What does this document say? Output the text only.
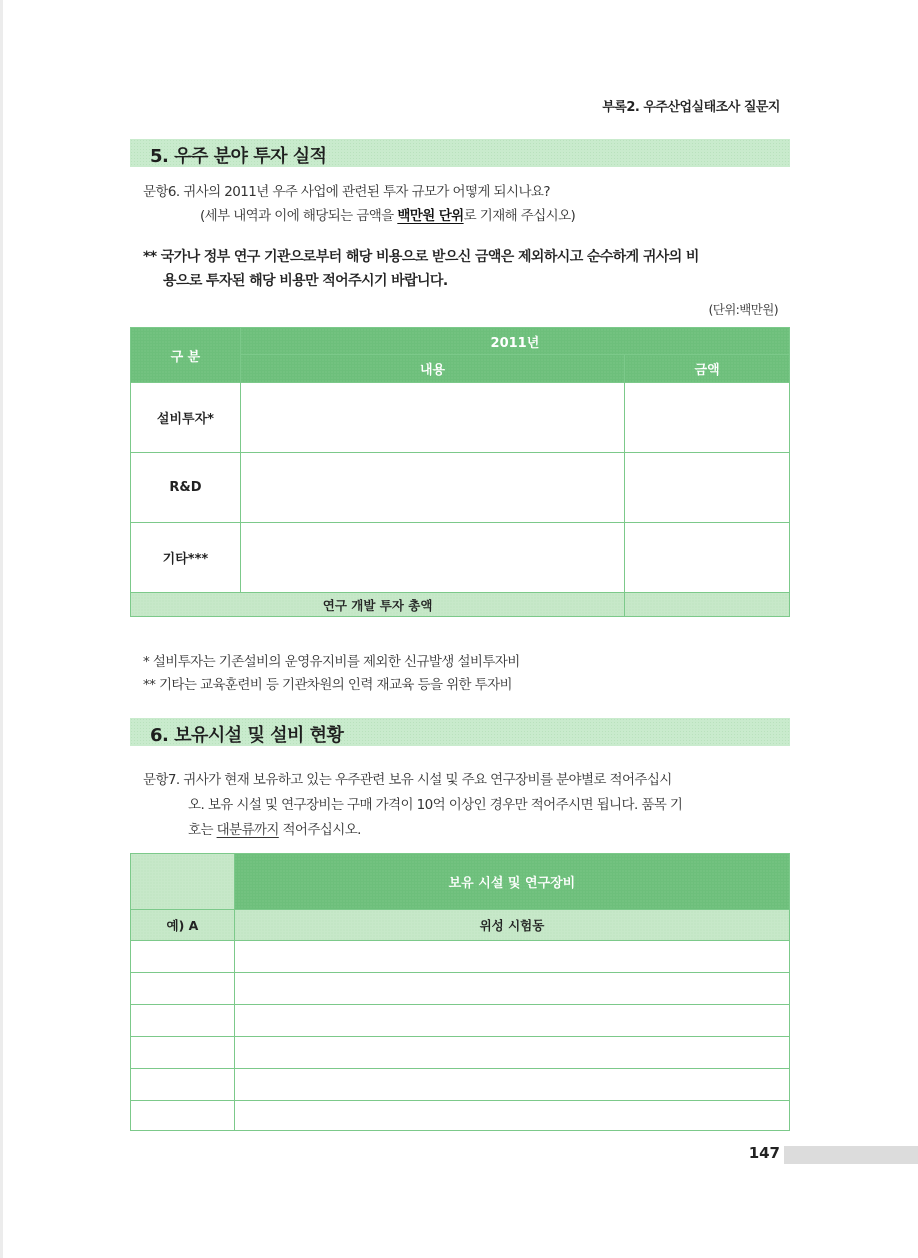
부록2. 우주산업실태조사 질문지
5. 우주 분야 투자 실적
문항6. 귀사의 2011년 우주 사업에 관련된 투자 규모가 어떻게 되시나요?
(세부 내역과 이에 해당되는 금액을 백만원 단위로 기재해 주십시오)
** 국가나 정부 연구 기관으로부터 해당 비용으로 받으신 금액은 제외하시고 순수하게 귀사의 비
용으로 투자된 해당 비용만 적어주시기 바랍니다.
(단위:백만원)
구 분	2011년	
	내용	금액
설비투자*		
R&D		
기타***		
연구 개발 투자 총액		
* 설비투자는 기존설비의 운영유지비를 제외한 신규발생 설비투자비
** 기타는 교육훈련비 등 기관차원의 인력 재교육 등을 위한 투자비
6. 보유시설 및 설비 현황
문항7. 귀사가 현재 보유하고 있는 우주관련 보유 시설 및 주요 연구장비를 분야별로 적어주십시
오. 보유 시설 및 연구장비는 구매 가격이 10억 이상인 경우만 적어주시면 됩니다. 품목 기
호는 대분류까지 적어주십시오.
	보유 시설 및 연구장비
예) A	위성 시험동

147
